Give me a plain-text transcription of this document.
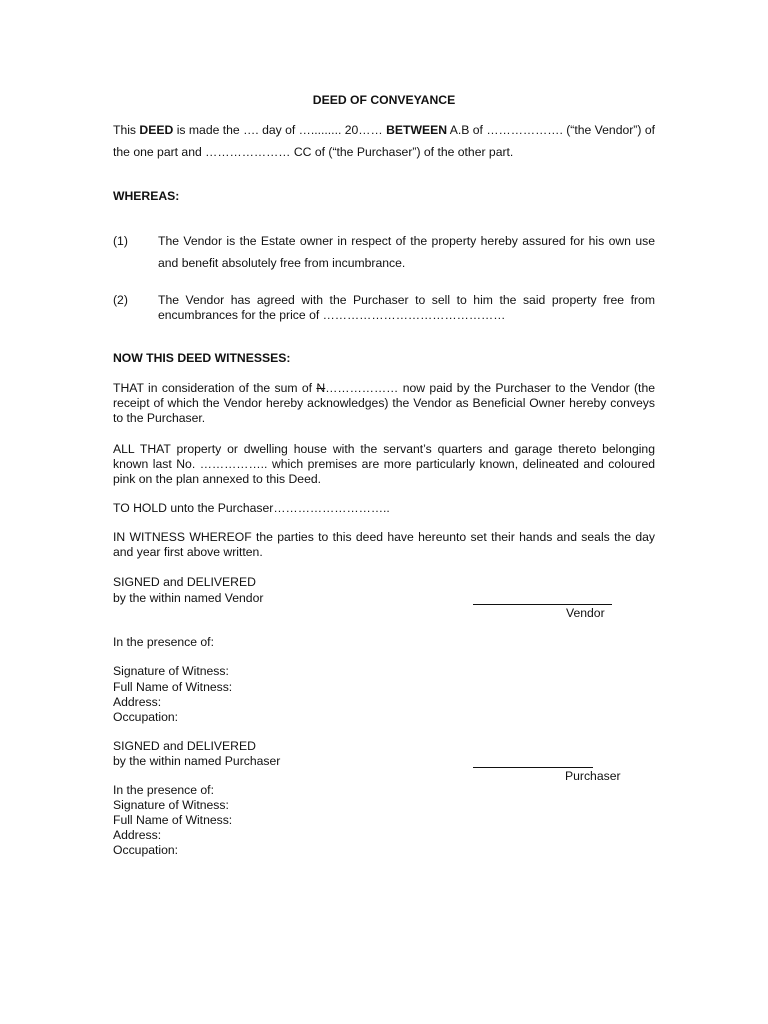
DEED OF CONVEYANCE
This DEED is made the …. day of …......... 20…… BETWEEN A.B of ………………. (“the Vendor”) of the one part and ………………… CC of (“the Purchaser”) of the other part.
WHEREAS:
(1) The Vendor is the Estate owner in respect of the property hereby assured for his own use and benefit absolutely free from incumbrance.
(2) The Vendor has agreed with the Purchaser to sell to him the said property free from encumbrances for the price of ………………………………………
NOW THIS DEED WITNESSES:
THAT in consideration of the sum of N……………… now paid by the Purchaser to the Vendor (the receipt of which the Vendor hereby acknowledges) the Vendor as Beneficial Owner hereby conveys to the Purchaser.
ALL THAT property or dwelling house with the servant’s quarters and garage thereto belonging known last No. …………….. which premises are more particularly known, delineated and coloured pink on the plan annexed to this Deed.
TO HOLD unto the Purchaser………………………..
IN WITNESS WHEREOF the parties to this deed have hereunto set their hands and seals the day and year first above written.
SIGNED and DELIVERED
by the within named Vendor
Vendor
In the presence of:
Signature of Witness:
Full Name of Witness:
Address:
Occupation:
SIGNED and DELIVERED
by the within named Purchaser
Purchaser
In the presence of:
Signature of Witness:
Full Name of Witness:
Address:
Occupation:
